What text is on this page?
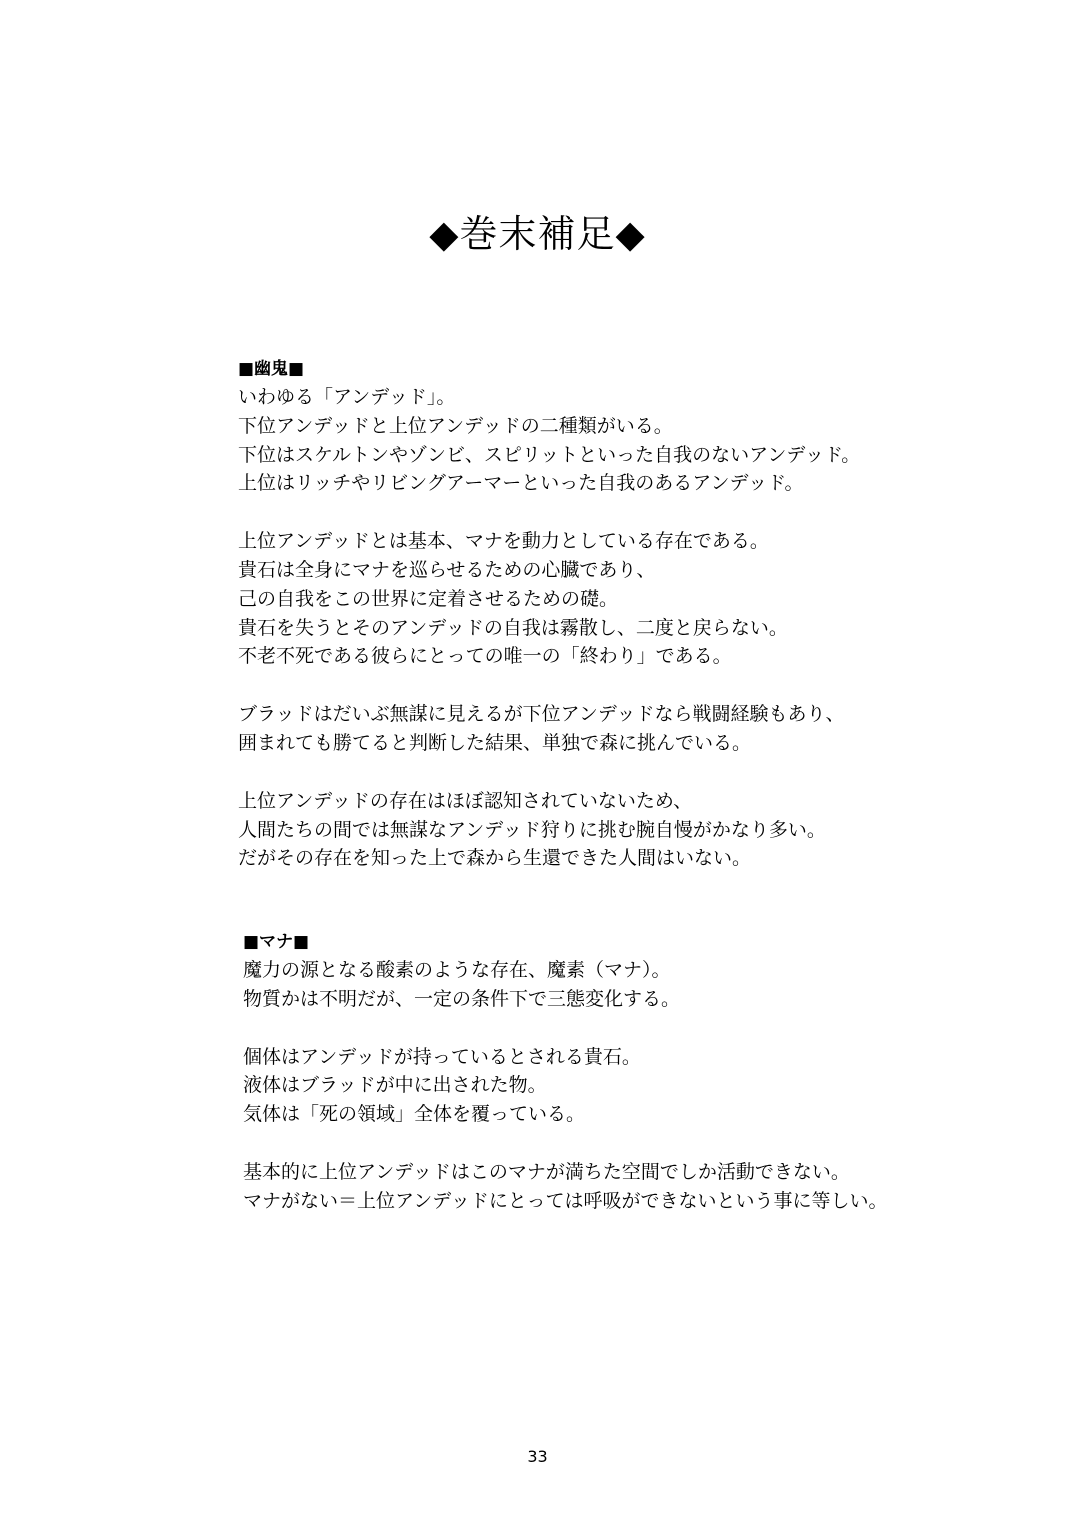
◆巻末補足◆
■幽鬼■
いわゆる「アンデッド」。
下位アンデッドと上位アンデッドの二種類がいる。
下位はスケルトンやゾンビ、スピリットといった自我のないアンデッド。
上位はリッチやリビングアーマーといった自我のあるアンデッド。
上位アンデッドとは基本、マナを動力としている存在である。
貴石は全身にマナを巡らせるための心臓であり、
己の自我をこの世界に定着させるための礎。
貴石を失うとそのアンデッドの自我は霧散し、二度と戻らない。
不老不死である彼らにとっての唯一の「終わり」である。
ブラッドはだいぶ無謀に見えるが下位アンデッドなら戦闘経験もあり、
囲まれても勝てると判断した結果、単独で森に挑んでいる。
上位アンデッドの存在はほぼ認知されていないため、
人間たちの間では無謀なアンデッド狩りに挑む腕自慢がかなり多い。
だがその存在を知った上で森から生還できた人間はいない。
■マナ■
魔力の源となる酸素のような存在、魔素（マナ）。
物質かは不明だが、一定の条件下で三態変化する。
個体はアンデッドが持っているとされる貴石。
液体はブラッドが中に出された物。
気体は「死の領域」全体を覆っている。
基本的に上位アンデッドはこのマナが満ちた空間でしか活動できない。
マナがない＝上位アンデッドにとっては呼吸ができないという事に等しい。
33
